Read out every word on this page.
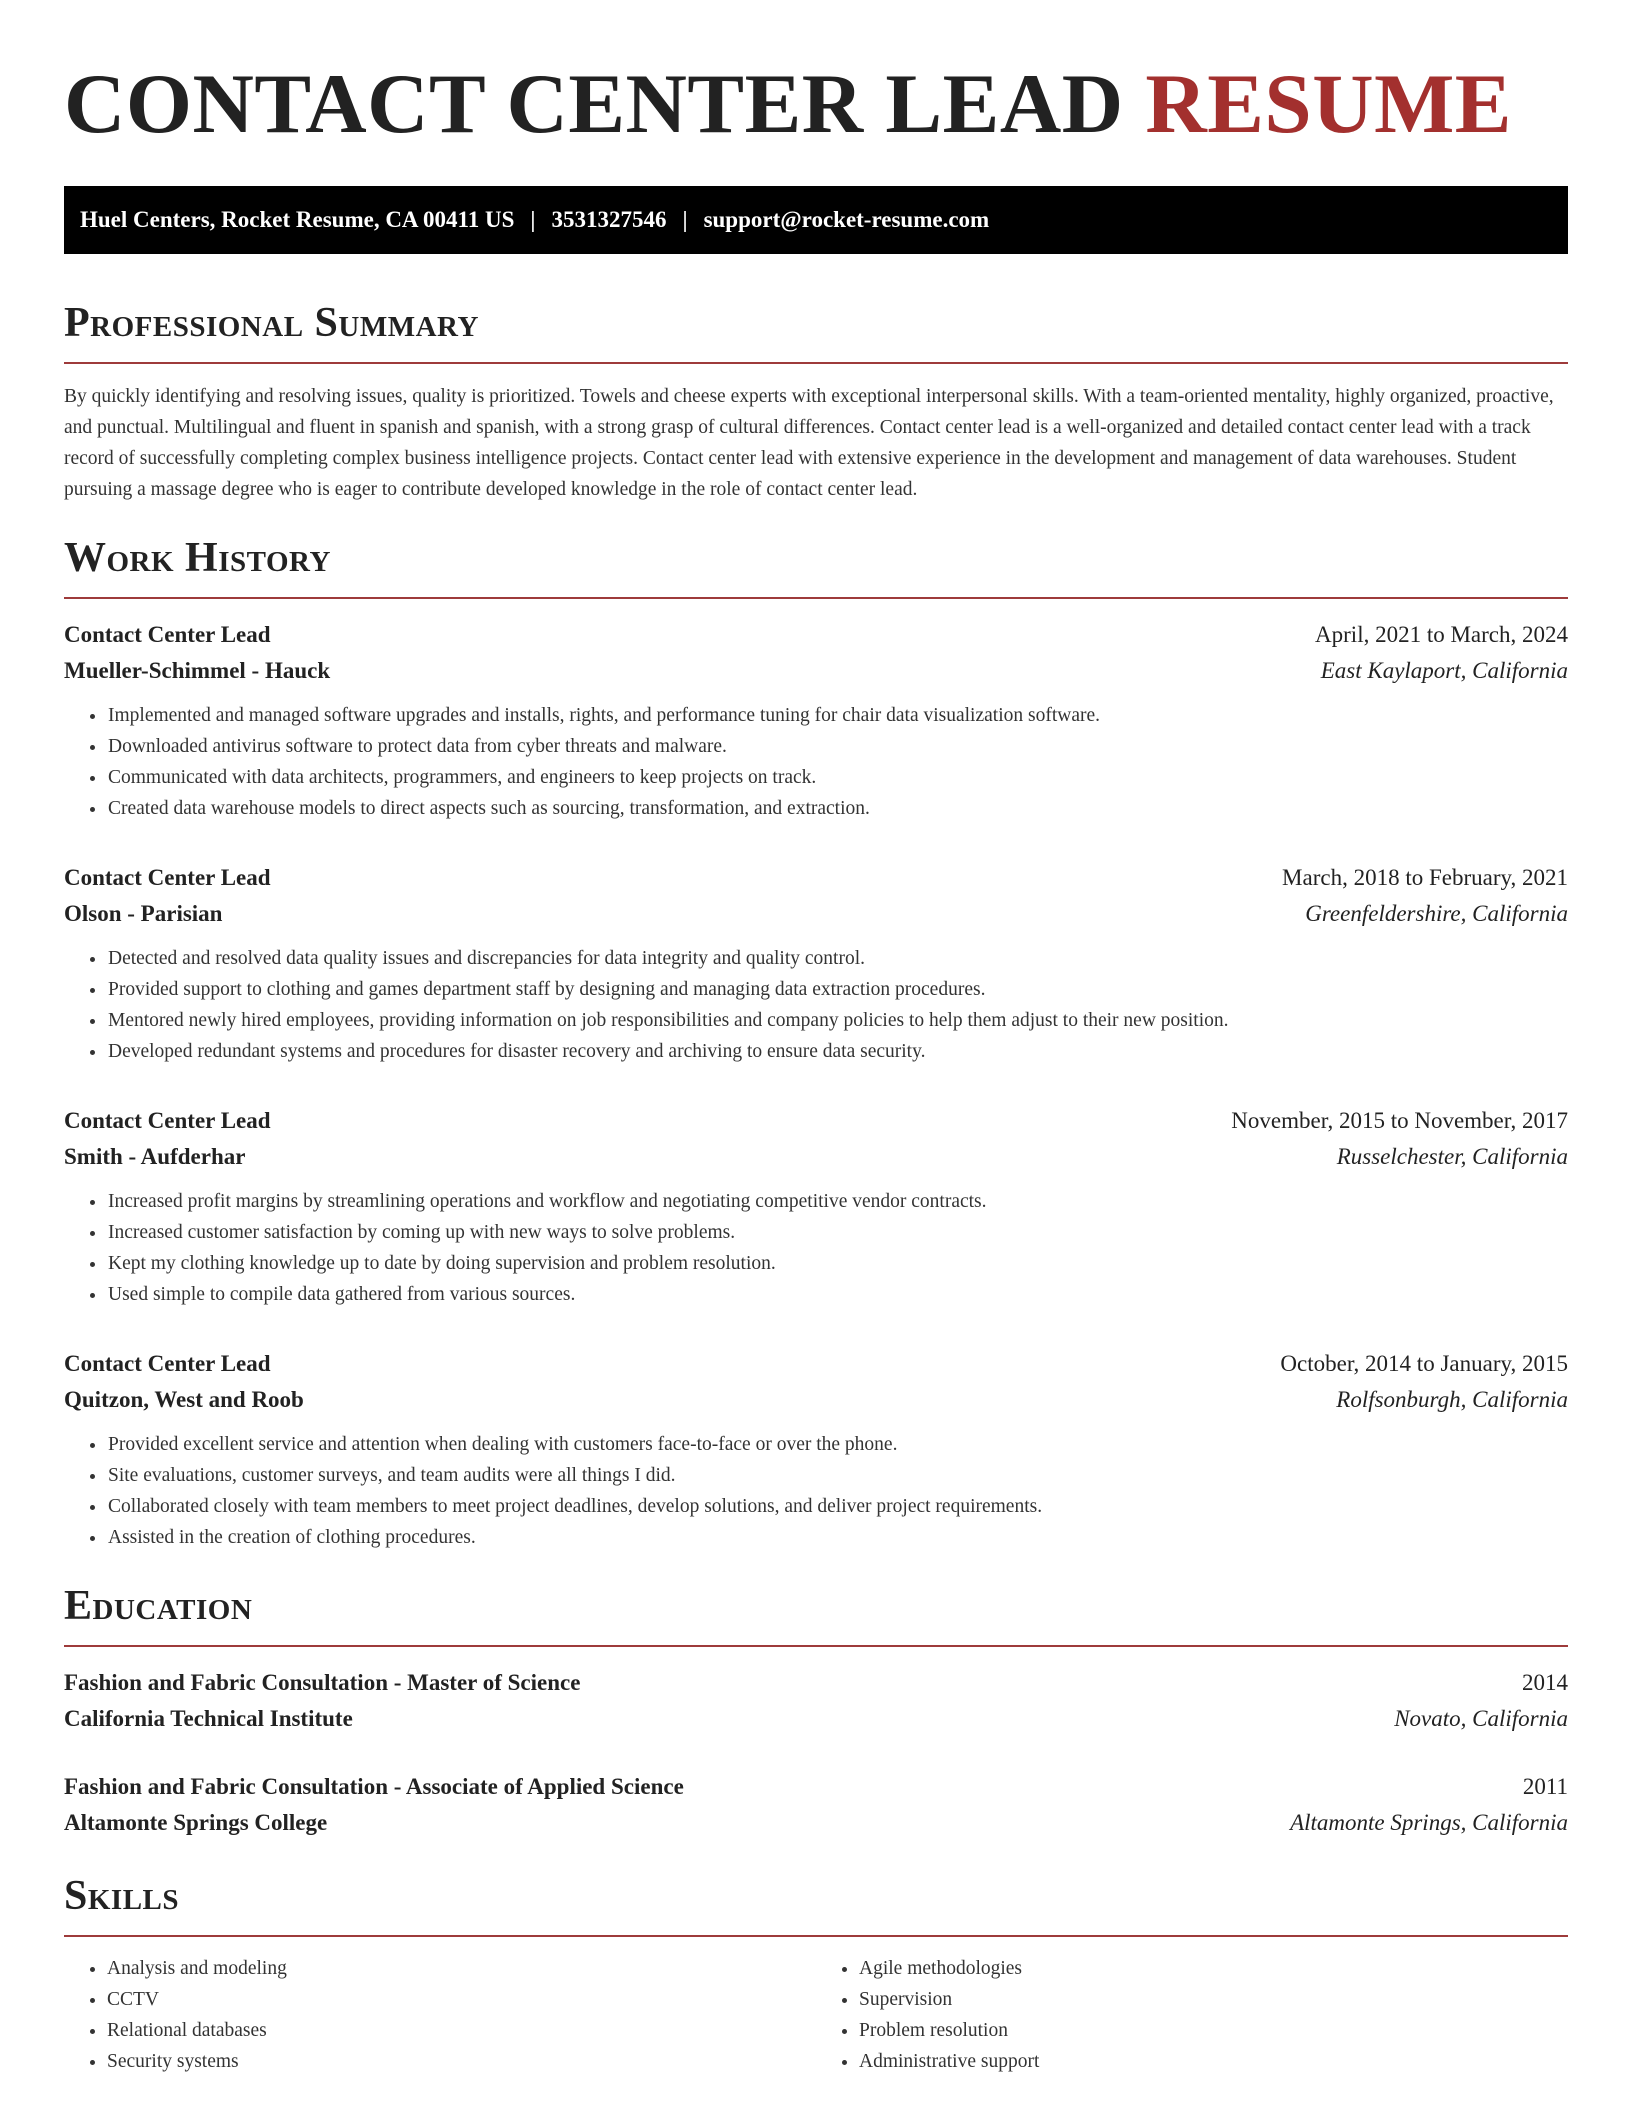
CONTACT CENTER LEAD RESUME
Huel Centers, Rocket Resume, CA 00411 US | 3531327546 | support@rocket-resume.com
Professional Summary

By quickly identifying and resolving issues, quality is prioritized. Towels and cheese experts with exceptional interpersonal skills. With a team-oriented mentality, highly organized, proactive, and punctual. Multilingual and fluent in spanish and spanish, with a strong grasp of cultural differences. Contact center lead is a well-organized and detailed contact center lead with a track record of successfully completing complex business intelligence projects. Contact center lead with extensive experience in the development and management of data warehouses. Student pursuing a massage degree who is eager to contribute developed knowledge in the role of contact center lead.

Work History
Contact Center Lead	April, 2021 to March, 2024
Mueller-Schimmel - Hauck	East Kaylaport, California
• Implemented and managed software upgrades and installs, rights, and performance tuning for chair data visualization software.
• Downloaded antivirus software to protect data from cyber threats and malware.
• Communicated with data architects, programmers, and engineers to keep projects on track.
• Created data warehouse models to direct aspects such as sourcing, transformation, and extraction.
Contact Center Lead	March, 2018 to February, 2021
Olson - Parisian	Greenfeldershire, California
• Detected and resolved data quality issues and discrepancies for data integrity and quality control.
• Provided support to clothing and games department staff by designing and managing data extraction procedures.
• Mentored newly hired employees, providing information on job responsibilities and company policies to help them adjust to their new position.
• Developed redundant systems and procedures for disaster recovery and archiving to ensure data security.
Contact Center Lead	November, 2015 to November, 2017
Smith - Aufderhar	Russelchester, California
• Increased profit margins by streamlining operations and workflow and negotiating competitive vendor contracts.
• Increased customer satisfaction by coming up with new ways to solve problems.
• Kept my clothing knowledge up to date by doing supervision and problem resolution.
• Used simple to compile data gathered from various sources.
Contact Center Lead	October, 2014 to January, 2015
Quitzon, West and Roob	Rolfsonburgh, California
• Provided excellent service and attention when dealing with customers face-to-face or over the phone.
• Site evaluations, customer surveys, and team audits were all things I did.
• Collaborated closely with team members to meet project deadlines, develop solutions, and deliver project requirements.
• Assisted in the creation of clothing procedures.
Education
Fashion and Fabric Consultation - Master of Science	2014
California Technical Institute	Novato, California
Fashion and Fabric Consultation - Associate of Applied Science	2011
Altamonte Springs College	Altamonte Springs, California
Skills
• Analysis and modeling
• CCTV
• Relational databases
• Security systems
• Agile methodologies
• Supervision
• Problem resolution
• Administrative support
